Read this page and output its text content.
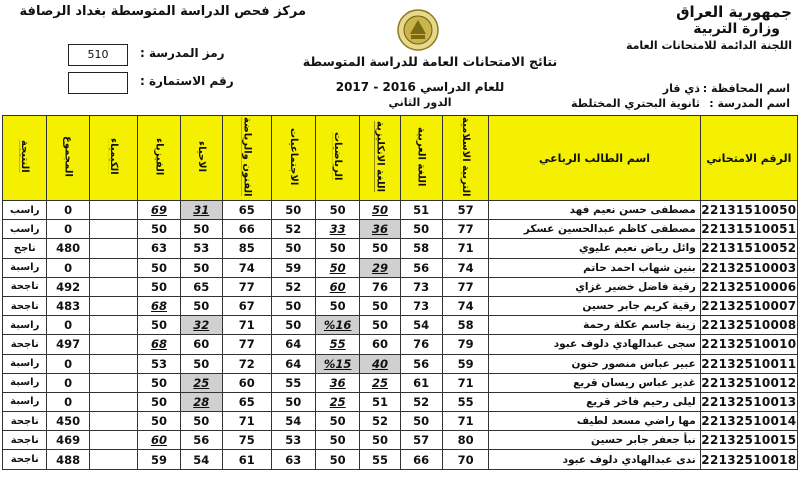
جمهورية العراق
وزارة التربية
اللجنة الدائمة للامتحانات العامة
مركز فحص الدراسة المتوسطة بغداد الرصافة
510	رمز المدرسة :
رقم الاستمارة :
نتائج الامتحانات العامة للدراسة المتوسطة
للعام الدراسي 2016 - 2017
الدور الثاني
اسم المحافظة :
ذي قار
اسم المدرسة :
ثانوية البحتري المختلطة
الرقم الامتحاني	اسم الطالب الرباعي	التربية الاسلامية	اللغة العربية	اللغة الانكليزية	الرياضيات	الاجتماعيات	الفنون والرياضة	الاحياء	الفيزياء	الكيمياء	المجموع	النتيجة
22131510050	مصطفى حسن نعيم فهد	57	51	50	50	50	65	31	69		0	راسب
22131510051	مصطفى كاظم عبدالحسين عسكر	77	50	36	33	52	66	50	50		0	راسب
22131510052	وائل رياض نعيم عليوي	71	58	50	50	50	85	53	63		480	ناجح
22132510003	بنين شهاب احمد حاتم	74	56	29	50	59	74	50	50		0	راسبة
22132510006	رقية فاضل خضير غزاي	77	73	76	60	52	77	65	50		492	ناجحة
22132510007	رقية كريم جابر حسين	74	73	50	50	50	67	50	68		483	ناجحة
22132510008	زينة جاسم عكلة رحمة	58	54	50	%16	50	71	32	50		0	راسبة
22132510010	سجى عبدالهادي دلوف عبود	79	76	60	55	64	77	60	68		497	ناجحة
22132510011	عبير عباس منصور حنون	59	56	40	%15	64	72	50	53		0	راسبة
22132510012	غدير عباس ريسان قريع	71	61	25	36	55	60	25	50		0	راسبة
22132510013	ليلى رحيم فاخر قريع	55	52	51	25	50	65	28	50		0	راسبة
22132510014	مها راضي مسعد لطيف	71	50	52	50	54	71	50	50		450	ناجحة
22132510015	نبأ جعفر جابر حسين	80	57	50	50	53	75	56	60		469	ناجحة
22132510018	ندى عبدالهادي دلوف عبود	70	66	55	50	63	61	54	59		488	ناجحة
